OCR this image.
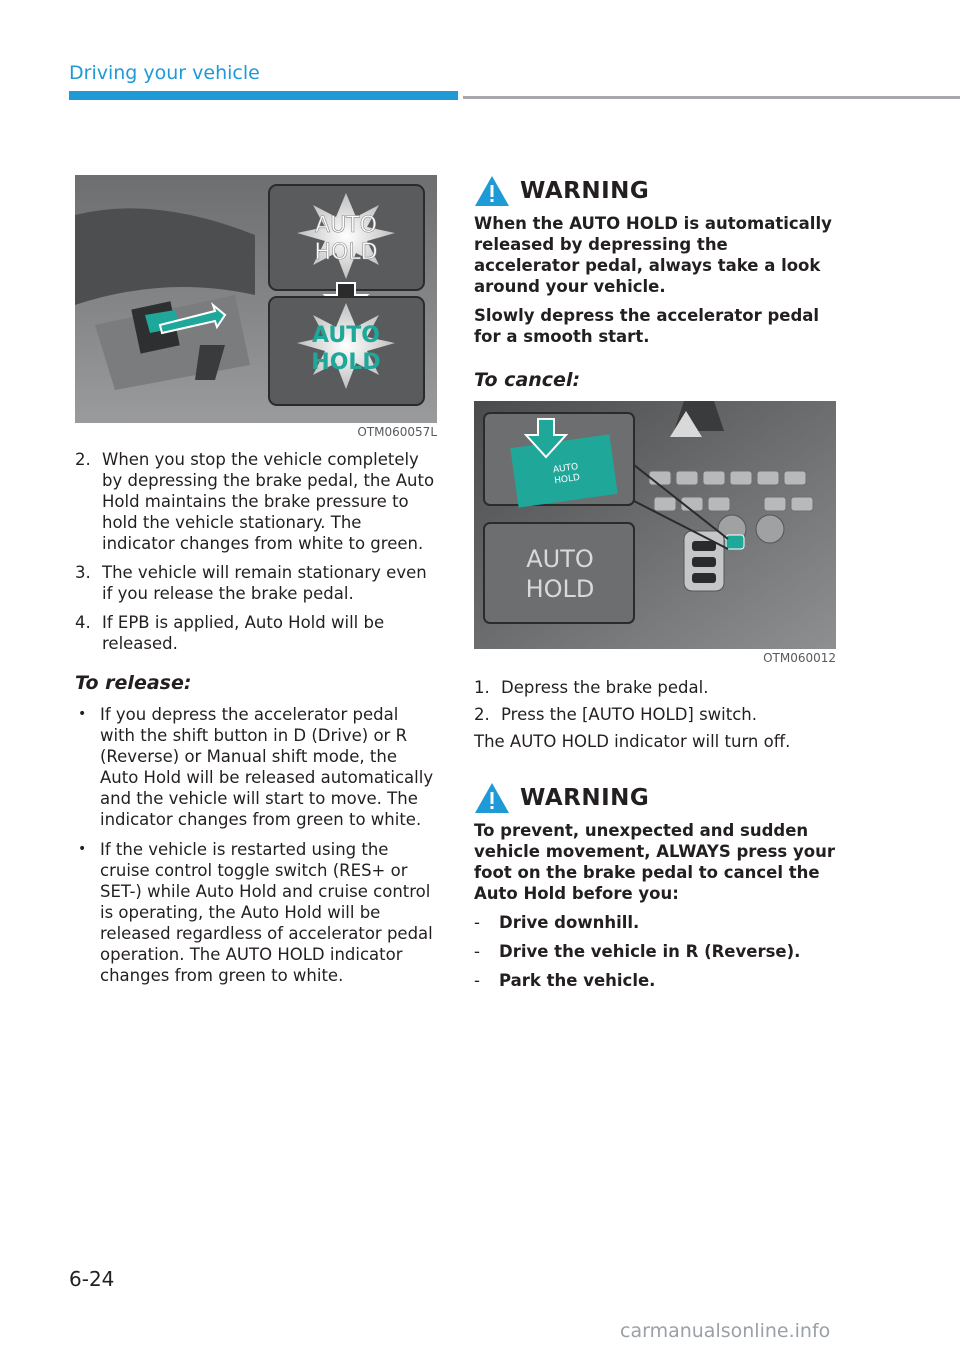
Driving your vehicle
AUTO
HOLD
AUTO
HOLD
OTM060057L
2. When you stop the vehicle completely by depressing the brake pedal, the Auto Hold maintains the brake pressure to hold the vehicle stationary. The indicator changes from white to green.
3. The vehicle will remain stationary even if you release the brake pedal.
4. If EPB is applied, Auto Hold will be released.
To release:
• If you depress the accelerator pedal with the shift button in D (Drive) or R (Reverse) or Manual shift mode, the Auto Hold will be released automatically and the vehicle will start to move. The indicator changes from green to white.
• If the vehicle is restarted using the cruise control toggle switch (RES+ or SET-) while Auto Hold and cruise control is operating, the Auto Hold will be released regardless of accelerator pedal operation. The AUTO HOLD indicator changes from green to white.
WARNING

When the AUTO HOLD is automatically released by depressing the accelerator pedal, always take a look around your vehicle.

Slowly depress the accelerator pedal for a smooth start.

To cancel:
AUTO
HOLD
AUTO
HOLD
OTM060012
1. Depress the brake pedal.
2. Press the [AUTO HOLD] switch.

The AUTO HOLD indicator will turn off.

WARNING

To prevent, unexpected and sudden vehicle movement, ALWAYS press your foot on the brake pedal to cancel the Auto Hold before you:

- Drive downhill.
- Drive the vehicle in R (Reverse).
- Park the vehicle.
6-24
carmanualsonline.info
